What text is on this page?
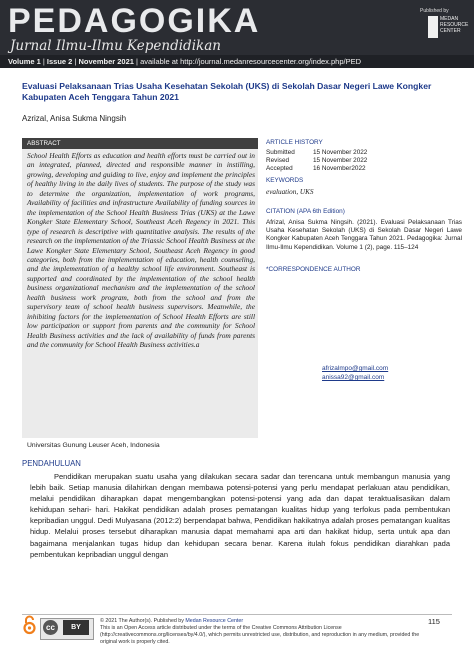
PEDAGOGIKA
Jurnal Ilmu-Ilmu Kependidikan
Volume 1 | Issue 2 | November 2021 | available at http://journal.medanresourcecenter.org/index.php/PED
Published by
MEDAN RESOURCE CENTER
Evaluasi Pelaksanaan Trias Usaha Kesehatan Sekolah (UKS) di Sekolah Dasar Negeri Lawe Kongker Kabupaten Aceh Tenggara Tahun 2021
Azrizal, Anisa Sukma Ningsih
ABSTRACT
School Health Efforts as education and health efforts must be carried out in an integrated, planned, directed and responsible manner in instilling, growing, developing and guiding to live, enjoy and implement the principles of healthy living in the daily lives of students. The purpose of the study was to determine the organization, implementation of work programs, Availability of facilities and infrastructure Availability of funding sources in the implementation of the School Health Business Trias (UKS) at the Lawe Kongker State Elementary School, Southeast Aceh Regency in 2021. This type of research is descriptive with quantitative analysis. The results of the research on the implementation of the Triassic School Health Business at the Lawe Kongker State Elementary School, Southeast Aceh Regency in good categories, both from the implementation of education, health counseling, and the implementation of a healthy school life environment. Southeast is supported and coordinated by the implementation of the school health business organizational mechanism and the implementation of the school health business work program, both from the school and from the supervisory team of school health business supervisors. Meanwhile, the inhibiting factors for the implementation of School Health Efforts are still low participation or support from parents and the community for School Health Business activities and the lack of availability of funds from parents and the community for School Health Business activities.a
Universitas Gunung Leuser Aceh, Indonesia
ARTICLE HISTORY
Submitted	15 November 2022
Revised	15 November 2022
Accepted	16 November2022
KEYWORDS
evaluation, UKS
CITATION (APA 6th Edition)
Afrizal, Anisa Sukma Ningsih. (2021). Evaluasi Pelaksanaan Trias Usaha Kesehatan Sekolah (UKS) di Sekolah Dasar Negeri Lawe Kongker Kabupaten Aceh Tenggara Tahun 2021. Pedagogika: Jurnal Ilmu-Ilmu Kependidikan. Volume 1 (2), page. 115–124
*CORRESPONDENCE AUTHOR
afrizalmpo@gmail.com
anissa92@gmail.com
PENDAHULUAN

Pendidikan merupakan suatu usaha yang dilakukan secara sadar dan terencana untuk membangun manusia yang lebih baik. Setiap manusia dilahirkan dengan membawa potensi-potensi yang perlu mendapat perlakuan atau pendidikan, melalui pendidikan diharapkan dapat mengembangkan potensi-potensi yang ada dan dapat teraktualisasikan dalam kehidupan sehari- hari. Hakikat pendidikan adalah proses pematangan kualitas hidup yang terfokus pada pembentukan kepribadian unggul. Dedi Mulyasana (2012:2) berpendapat bahwa, Pendidikan hakikatnya adalah proses pematangan kualitas hidup. Melalui proses tersebut diharapkan manusia dapat memahami apa arti dan hakikat hidup, serta untuk apa dan bagaimana menjalankan tugas hidup dan kehidupan secara benar. Karena itulah fokus pendidikan diarahkan pada pembentukan kepribadian unggul dengan

cc	BY
© 2021 The Author(s). Published by Medan Resource Center
This is an Open Access article distributed under the terms of the Creative Commons Attribution License (http://creativecommons.org/licenses/by/4.0/), which permits unrestricted use, distribution, and reproduction in any medium, provided the original work is properly cited.
115
